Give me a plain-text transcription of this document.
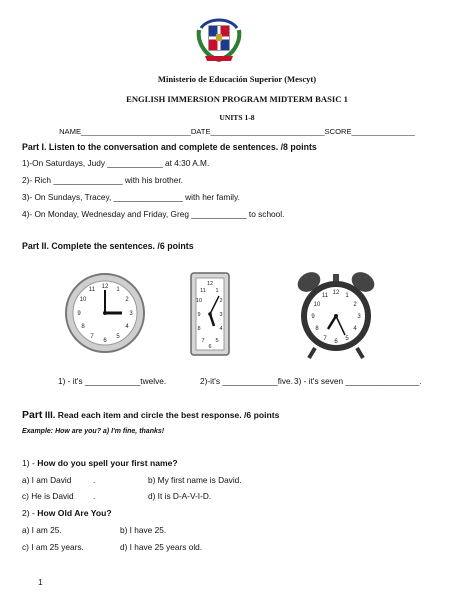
Ministerio de Educación Superior (Mescyt)
ENGLISH IMMERSION PROGRAM MIDTERM BASIC 1
UNITS 1-8
NAME__________________________DATE___________________________SCORE_______________
Part I. Listen to the conversation and complete de sentences. /8 points
1)-On Saturdays, Judy ____________ at 4:30 A.M.
2)- Rich _______________ with his brother.
3)- On Sundays, Tracey, _______________ with her family.
4)- On Monday, Wednesday and Friday, Greg ____________ to school.
Part II. Complete the sentences. /6 points
12 1
2
3
4
5
6
7
8
9
10
11
12
1
2
3
4
5
6
7
8
9
10
11	12 1
2
3
4
5
6
7
8
9
10
11
1) - it's ____________twelve.	2)-it's ____________five. 3) - it's seven ________________.
Part III. Read each item and circle the best response. /6 points
Example: How are you? a) I'm fine, thanks!
1) - How do you spell your first name?
a) I am David	.	b) My first name is David.
c) He is David .	d) It is D-A-V-I-D.
2) - How Old Are You?
a) I am 25.	b) I have 25.
c) I am 25 years.	d) I have 25 years old.
1
